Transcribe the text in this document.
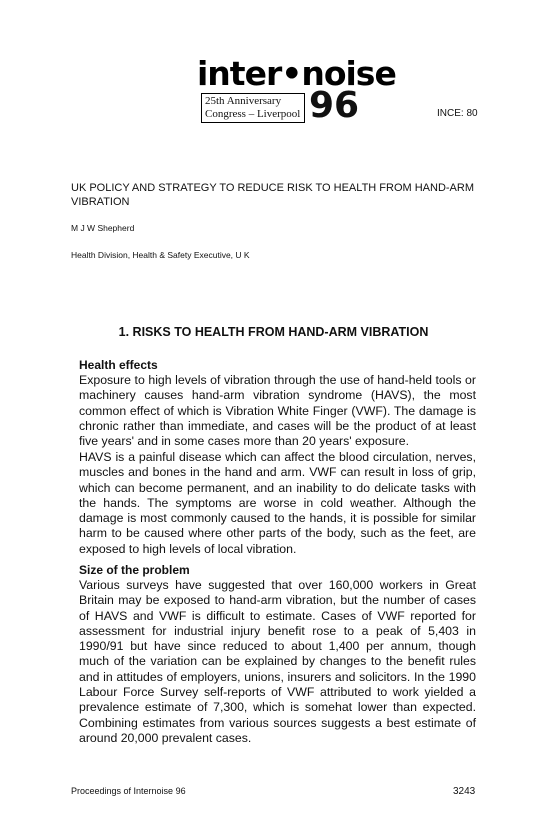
inter•noise
25th Anniversary
Congress – Liverpool 96	INCE: 80
UK POLICY AND STRATEGY TO REDUCE RISK TO HEALTH FROM HAND-ARM VIBRATION
M J W Shepherd
Health Division, Health & Safety Executive, U K
1. RISKS TO HEALTH FROM HAND-ARM VIBRATION
Health effects

Exposure to high levels of vibration through the use of hand-held tools or machinery causes hand-arm vibration syndrome (HAVS), the most common effect of which is Vibration White Finger (VWF). The damage is chronic rather than immediate, and cases will be the product of at least five years' and in some cases more than 20 years' exposure.

HAVS is a painful disease which can affect the blood circulation, nerves, muscles and bones in the hand and arm. VWF can result in loss of grip, which can become permanent, and an inability to do delicate tasks with the hands. The symptoms are worse in cold weather. Although the damage is most commonly caused to the hands, it is possible for similar harm to be caused where other parts of the body, such as the feet, are exposed to high levels of local vibration.

Size of the problem

Various surveys have suggested that over 160,000 workers in Great Britain may be exposed to hand-arm vibration, but the number of cases of HAVS and VWF is difficult to estimate. Cases of VWF reported for assessment for industrial injury benefit rose to a peak of 5,403 in 1990/91 but have since reduced to about 1,400 per annum, though much of the variation can be explained by changes to the benefit rules and in attitudes of employers, unions, insurers and solicitors. In the 1990 Labour Force Survey self-reports of VWF attributed to work yielded a prevalence estimate of 7,300, which is somehat lower than expected. Combining estimates from various sources suggests a best estimate of around 20,000 prevalent cases.

Proceedings of Internoise 96	3243
